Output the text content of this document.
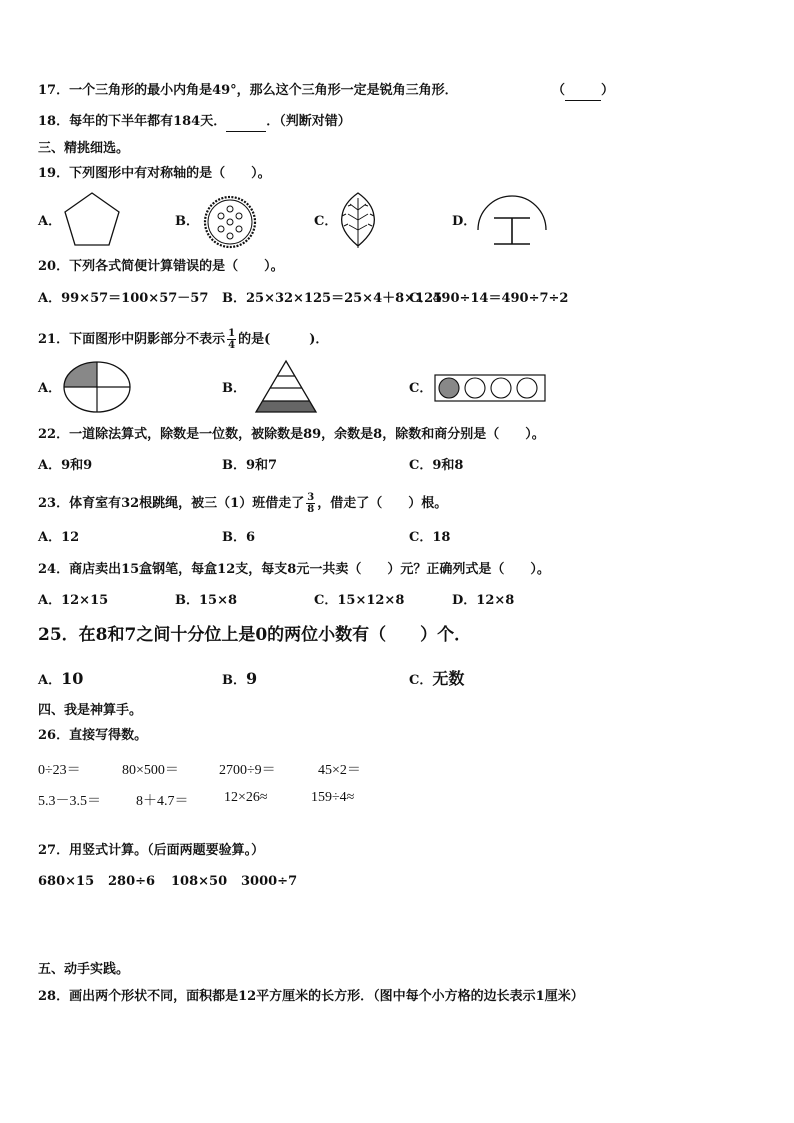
17．一个三角形的最小内角是49°，那么这个三角形一定是锐角三角形．	（	）
18．每年的下半年都有184天．	．（判断对错）
三、精挑细选。
19．下列图形中有对称轴的是（　　）。
A．	B．	C．	D．
20．下列各式简便计算错误的是（　　）。
A．99×57＝100×57－57 B．25×32×125＝25×4＋8×125
C．490÷14＝490÷7÷2
21．下面图形中阴影部分不表示 $\frac{1}{4}$ 的是(　　　)．
A．	B．	C．
22．一道除法算式，除数是一位数，被除数是89，余数是8，除数和商分别是（　　）。
A．9和9	B．9和7	C．9和8
23．体育室有32根跳绳，被三（1）班借走了 $\frac{3}{8}$ ，借走了（　　）根。
A．12	B．6	C．18
24．商店卖出15盒钢笔，每盒12支，每支8元一共卖（　　）元？正确列式是（　　）。
A．12×15	B．15×8	C．15×12×8	D．12×8
25．在8和7之间十分位上是0的两位小数有（　　）个．
A．10	B．9	C．无数
四、我是神算手。
26．直接写得数。
0÷23＝	80×500＝	2700÷9＝	45×2＝
5.3－3.5＝	8＋4.7＝	12×26≈	159÷4≈
27．用竖式计算。（后面两题要验算。）
680×15 280÷6 108×50 3000÷7
五、动手实践。
28．画出两个形状不同，面积都是12平方厘米的长方形．（图中每个小方格的边长表示1厘米）
